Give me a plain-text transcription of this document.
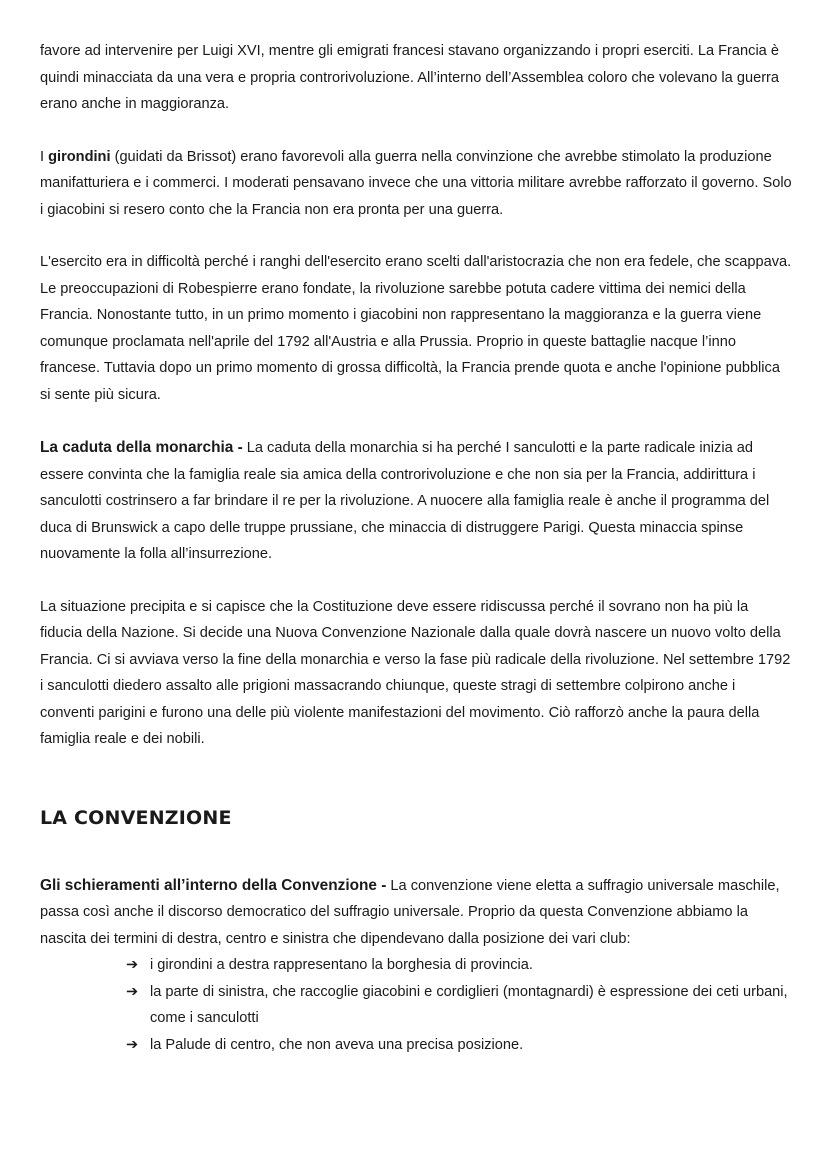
favore ad intervenire per Luigi XVI, mentre gli emigrati francesi stavano organizzando i propri eserciti. La Francia è quindi minacciata da una vera e propria controrivoluzione. All’interno dell’Assemblea coloro che volevano la guerra erano anche in maggioranza.

I girondini (guidati da Brissot) erano favorevoli alla guerra nella convinzione che avrebbe stimolato la produzione manifatturiera e i commerci. I moderati pensavano invece che una vittoria militare avrebbe rafforzato il governo. Solo i giacobini si resero conto che la Francia non era pronta per una guerra.

L'esercito era in difficoltà perché i ranghi dell'esercito erano scelti dall'aristocrazia che non era fedele, che scappava. Le preoccupazioni di Robespierre erano fondate, la rivoluzione sarebbe potuta cadere vittima dei nemici della Francia. Nonostante tutto, in un primo momento i giacobini non rappresentano la maggioranza e la guerra viene comunque proclamata nell'aprile del 1792 all'Austria e alla Prussia. Proprio in queste battaglie nacque l’inno francese. Tuttavia dopo un primo momento di grossa difficoltà, la Francia prende quota e anche l'opinione pubblica si sente più sicura.

La caduta della monarchia - La caduta della monarchia si ha perché I sanculotti e la parte radicale inizia ad essere convinta che la famiglia reale sia amica della controrivoluzione e che non sia per la Francia, addirittura i sanculotti costrinsero a far brindare il re per la rivoluzione. A nuocere alla famiglia reale è anche il programma del duca di Brunswick a capo delle truppe prussiane, che minaccia di distruggere Parigi. Questa minaccia spinse nuovamente la folla all’insurrezione.

La situazione precipita e si capisce che la Costituzione deve essere ridiscussa perché il sovrano non ha più la fiducia della Nazione. Si decide una Nuova Convenzione Nazionale dalla quale dovrà nascere un nuovo volto della Francia. Ci si avviava verso la fine della monarchia e verso la fase più radicale della rivoluzione. Nel settembre 1792 i sanculotti diedero assalto alle prigioni massacrando chiunque, queste stragi di settembre colpirono anche i conventi parigini e furono una delle più violente manifestazioni del movimento. Ciò rafforzò anche la paura della famiglia reale e dei nobili.

LA CONVENZIONE

Gli schieramenti all’interno della Convenzione - La convenzione viene eletta a suffragio universale maschile, passa così anche il discorso democratico del suffragio universale. Proprio da questa Convenzione abbiamo la nascita dei termini di destra, centro e sinistra che dipendevano dalla posizione dei vari club:

➔ i girondini a destra rappresentano la borghesia di provincia.
➔ la parte di sinistra, che raccoglie giacobini e cordiglieri (montagnardi) è espressione dei ceti urbani, come i sanculotti
➔ la Palude di centro, che non aveva una precisa posizione.
